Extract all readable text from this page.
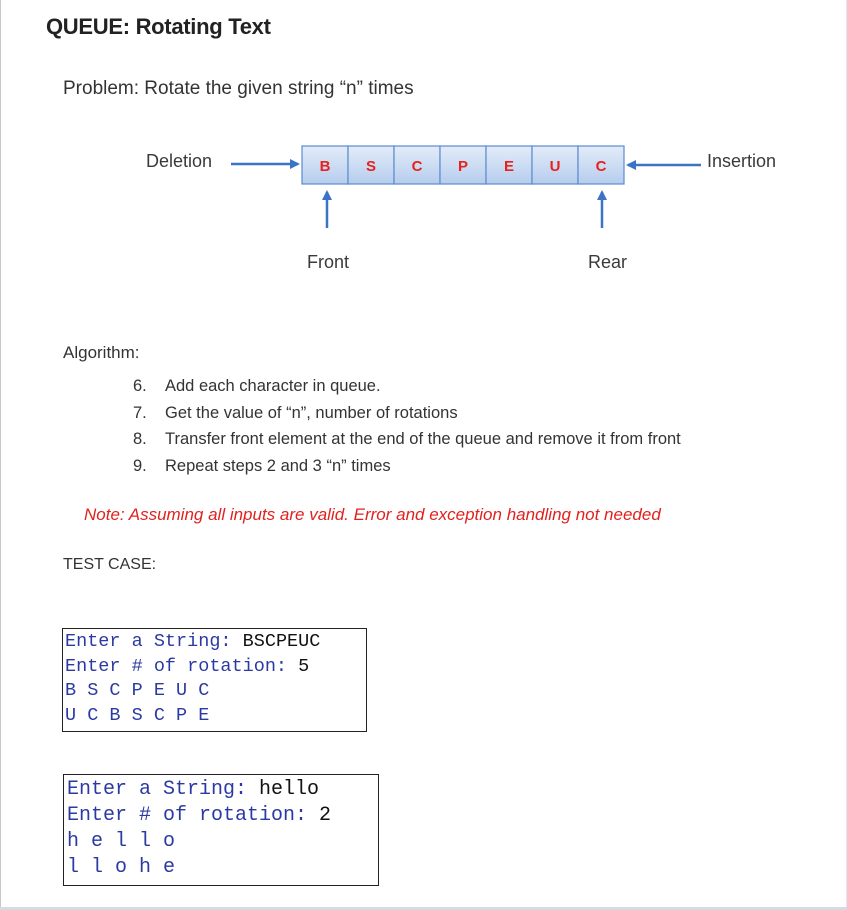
QUEUE: Rotating Text
Problem: Rotate the given string “n” times
B S C P E U C
Deletion	Insertion
Front	Rear
Algorithm:
6. Add each character in queue.
7. Get the value of “n”, number of rotations
8. Transfer front element at the end of the queue and remove it from front
9. Repeat steps 2 and 3 “n” times
Note: Assuming all inputs are valid. Error and exception handling not needed
TEST CASE:
Enter a String: BSCPEUC
Enter # of rotation: 5
B S C P E U C
U C B S C P E
Enter a String: hello
Enter # of rotation: 2
h e l l o
l l o h e
